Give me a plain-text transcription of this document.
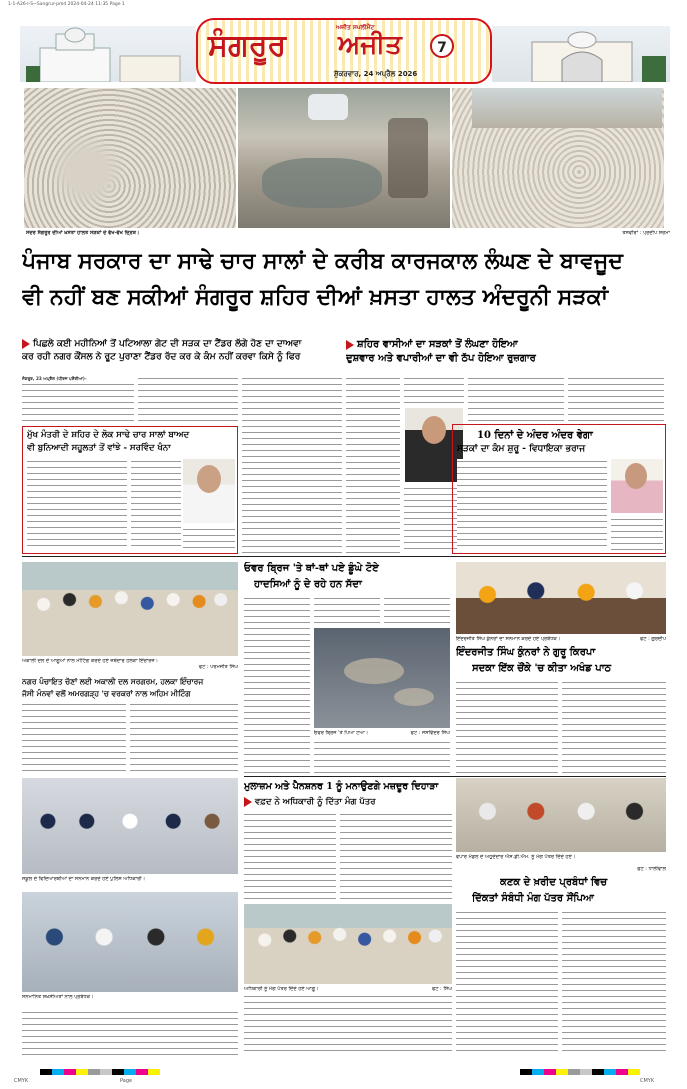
1-1-A26-I-S~Sangrur-pmd 2024-04-24 11:35 Page 1
ਅਜੀਤ ਸਪਲੀਮੈਂਟ
ਸੰਗਰੂਰ ਅਜੀਤ	7
ਸ਼ੁੱਕਰਵਾਰ, 24 ਅਪ੍ਰੈਲ 2026
ਸਦਰ ਸੰਗਰੂਰ ਦੀਆਂ ਖ਼ਸਤਾ ਹਾਲਤ ਸੜਕਾਂ ਦੇ ਵੱਖ-ਵੱਖ ਦ੍ਰਿਸ਼।	ਤਸਵੀਰਾਂ : ਪ੍ਰਦੀਪ ਸ਼ਰਮਾ
ਪੰਜਾਬ ਸਰਕਾਰ ਦਾ ਸਾਢੇ ਚਾਰ ਸਾਲਾਂ ਦੇ ਕਰੀਬ ਕਾਰਜਕਾਲ ਲੰਘਣ ਦੇ ਬਾਵਜੂਦ
ਵੀ ਨਹੀਂ ਬਣ ਸਕੀਆਂ ਸੰਗਰੂਰ ਸ਼ਹਿਰ ਦੀਆਂ ਖ਼ਸਤਾ ਹਾਲਤ ਅੰਦਰੂਨੀ ਸੜਕਾਂ
ਪਿਛਲੇ ਕਈ ਮਹੀਨਿਆਂ ਤੋਂ ਪਟਿਆਲਾ ਗੇਟ ਦੀ ਸੜਕ ਦਾ ਟੈਂਡਰ ਲੱਗੇ ਹੋਣ ਦਾ ਦਾਅਵਾ
ਕਰ ਰਹੀ ਨਗਰ ਕੌਂਸਲ ਨੇ ਰੂਟ ਪੁਰਾਣਾ ਟੈਂਡਰ ਰੱਦ ਕਰ ਕੇ ਕੰਮ ਨਹੀਂ ਕਰਵਾ ਕਿਸੇ ਨੂੰ ਫਿਰ
ਸ਼ਹਿਰ ਵਾਸੀਆਂ ਦਾ ਸੜਕਾਂ ਤੋਂ ਲੰਘਣਾ ਹੋਇਆ
ਦੁਸ਼ਵਾਰ ਅਤੇ ਵਪਾਰੀਆਂ ਦਾ ਵੀ ਠੱਪ ਹੋਇਆ ਰੁਜ਼ਗਾਰ
ਸੰਗਰੂਰ, 23 ਅਪ੍ਰੈਲ (ਧੀਰਜ ਪਸ਼ੌਰੀਆ)-
ਮੁੱਖ ਮੰਤਰੀ ਦੇ ਸ਼ਹਿਰ ਦੇ ਲੋਕ ਸਾਢੇ ਚਾਰ ਸਾਲਾਂ ਬਾਅਦ
ਵੀ ਬੁਨਿਆਦੀ ਸਹੂਲਤਾਂ ਤੋਂ ਵਾਂਝੇ - ਸਰਵਿੰਦ ਖੰਨਾ
10 ਦਿਨਾਂ ਦੇ ਅੰਦਰ ਅੰਦਰ ਵੇਗਾ
ਸੜਕਾਂ ਦਾ ਕੰਮ ਸ਼ੁਰੂ - ਵਿਧਾਇਕਾ ਭਰਾਜ
ਅਕਾਲੀ ਦਲ ਦੇ ਆਗੂਆਂ ਨਾਲ ਮੀਟਿੰਗ ਕਰਦੇ ਹੋਏ ਜਥੇਦਾਰ ਹਲਕਾ ਇੰਚਾਰਜ।
ਫੋਟੋ : ਪਰਮਜੀਤ ਸਿੰਘ
ਨਗਰ ਪੰਚਾਇਤ ਚੋਣਾਂ ਲਈ ਅਕਾਲੀ ਦਲ ਸਰਗਰਮ, ਹਲਕਾ ਇੰਚਾਰਜ
ਜੱਸੀ ਮੰਨਵਾਂ ਵਲੋਂ ਅਮਰਗੜ੍ਹ 'ਚ ਵਰਕਰਾਂ ਨਾਲ ਅਹਿਮ ਮੀਟਿੰਗ
ਓਵਰ ਬ੍ਰਿਜ 'ਤੇ ਥਾਂ-ਥਾਂ ਪਏ ਡੂੰਘੇ ਟੋਏ
ਹਾਦਸਿਆਂ ਨੂੰ ਦੇ ਰਹੇ ਹਨ ਸੱਦਾ
ਓਵਰ ਬ੍ਰਿਜ 'ਤੇ ਪਿਆ ਟੋਆ।	ਫੋਟੋ : ਜਸਵਿੰਦਰ ਸਿੰਘ
ਇੰਦਰਜੀਤ ਸਿੰਘ ਕੁੰਨਰਾਂ ਦਾ ਸਨਮਾਨ ਕਰਦੇ ਹੋਏ ਪ੍ਰਬੰਧਕ।	ਫੋਟੋ : ਗੁਰਦੀਪ
ਇੰਦਰਜੀਤ ਸਿੰਘ ਕੁੰਨਰਾਂ ਨੇ ਗੁਰੂ ਕਿਰਪਾ
ਸਦਕਾ ਇੱਕ ਚੌਂਕੇ 'ਚ ਕੀਤਾ ਅਖੰਡ ਪਾਠ
ਸਕੂਲ ਦੇ ਵਿਦਿਆਰਥੀਆਂ ਦਾ ਸਨਮਾਨ ਕਰਦੇ ਹੋਏ ਪੁਲਿਸ ਅਧਿਕਾਰੀ।
ਸਨਮਾਨਿਤ ਸ਼ਖ਼ਸੀਅਤਾਂ ਨਾਲ ਪ੍ਰਬੰਧਕ।
ਮੁਲਾਜ਼ਮ ਅਤੇ ਪੈਨਸ਼ਨਰ 1 ਨੂੰ ਮਨਾਉਣਗੇ ਮਜ਼ਦੂਰ ਦਿਹਾੜਾ
ਵਫ਼ਦ ਨੇ ਅਧਿਕਾਰੀ ਨੂੰ ਦਿੱਤਾ ਮੰਗ ਪੱਤਰ
ਅਧਿਕਾਰੀ ਨੂੰ ਮੰਗ ਪੱਤਰ ਦਿੰਦੇ ਹੋਏ ਆਗੂ।	ਫੋਟੋ : ਸਿੰਘ
ਵਪਾਰ ਮੰਡਲ ਦੇ ਅਹੁਦੇਦਾਰ ਐਸ.ਡੀ.ਐਮ. ਨੂੰ ਮੰਗ ਪੱਤਰ ਦਿੰਦੇ ਹੋਏ।
ਫੋਟੋ : ਧਾਲੀਵਾਲ
ਕਣਕ ਦੇ ਖ਼ਰੀਦ ਪ੍ਰਬੰਧਾਂ ਵਿਚ
ਦਿੱਕਤਾਂ ਸੰਬੰਧੀ ਮੰਗ ਪੱਤਰ ਸੌਂਪਿਆ
CMYK	Page	CMYK
